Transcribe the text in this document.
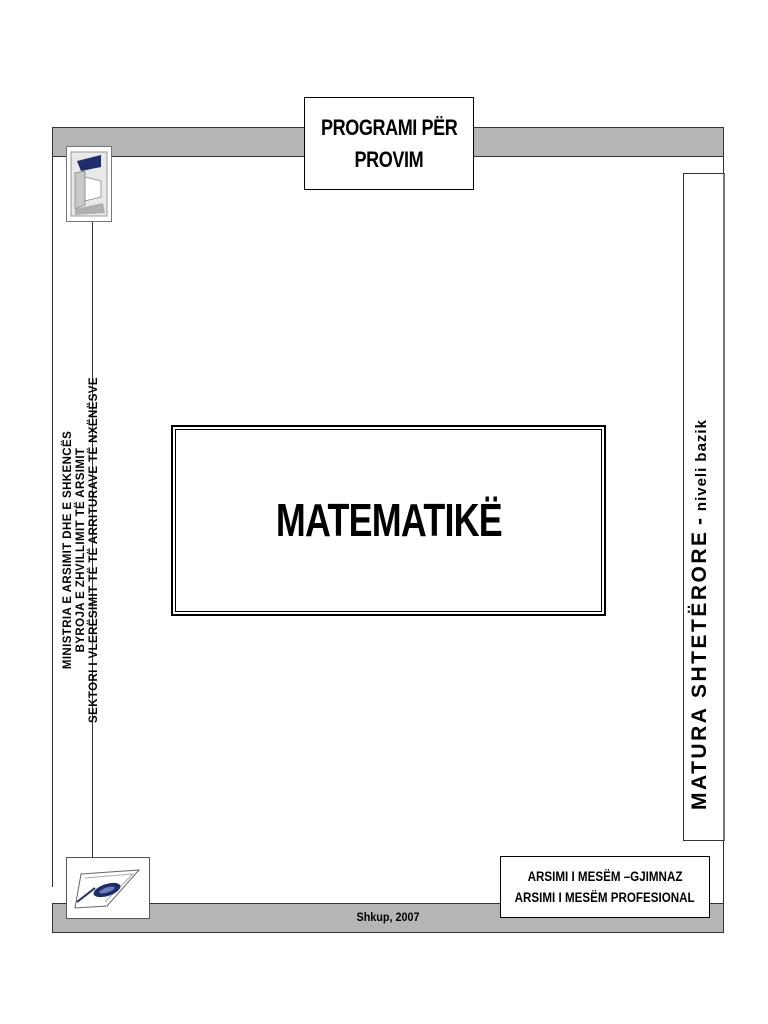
PROGRAMI PËR
PROVIM
MINISTRIA E ARSIMIT DHE E SHKENCËS BYROJA E ZHVILLIMIT TË ARSIMIT SEKTORI I VLERËSIMIT TË TË ARRITURAVE TË NXËNËSVE	MATURA SHTETËRORE - niveli bazik
MATEMATIKË
ARSIMI I MESËM –GJIMNAZ
ARSIMI I MESËM PROFESIONAL
Shkup, 2007
